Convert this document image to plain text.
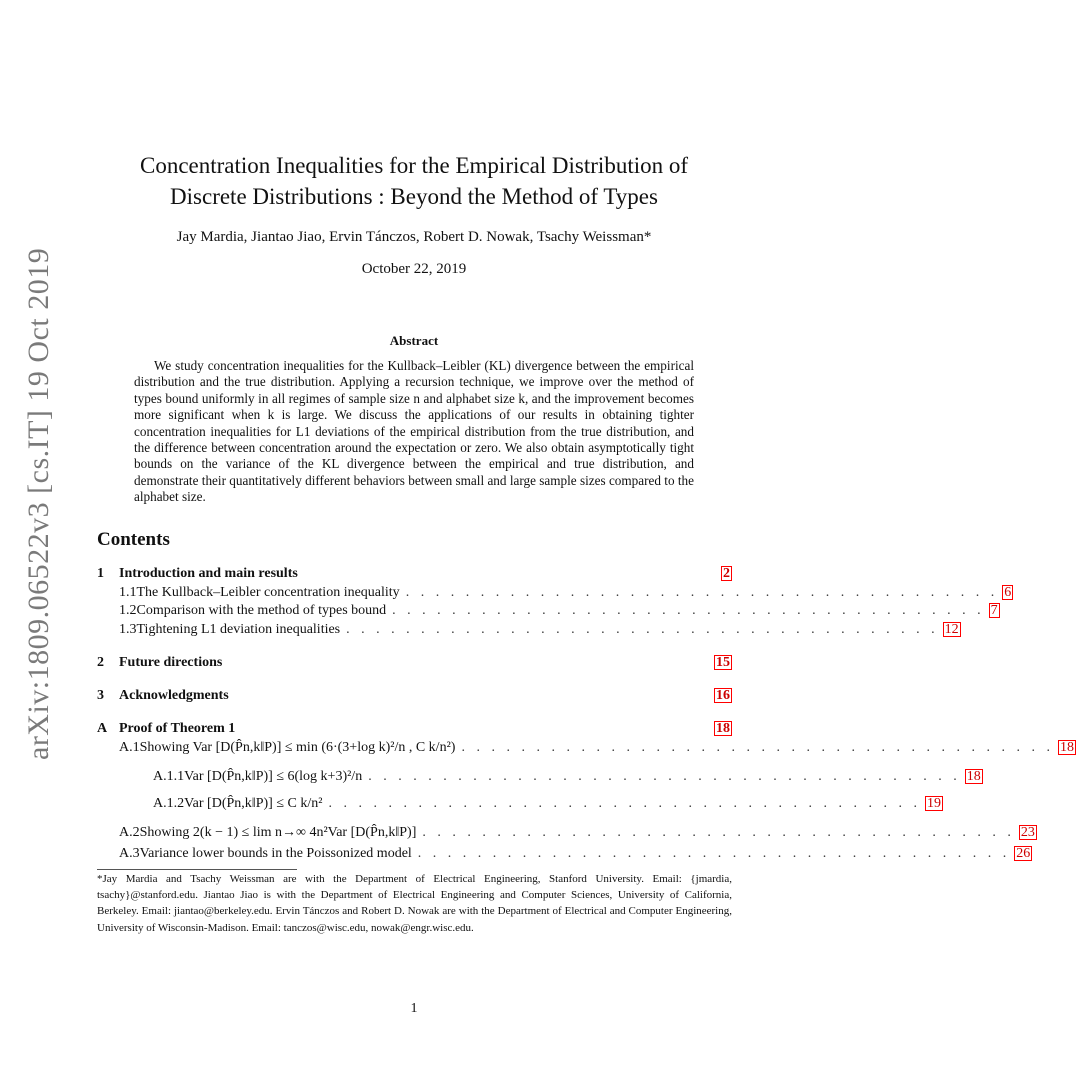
arXiv:1809.06522v3 [cs.IT] 19 Oct 2019
Concentration Inequalities for the Empirical Distribution of
Discrete Distributions : Beyond the Method of Types
Jay Mardia, Jiantao Jiao, Ervin Tánczos, Robert D. Nowak, Tsachy Weissman*
October 22, 2019
Abstract
We study concentration inequalities for the Kullback–Leibler (KL) divergence between the empirical distribution and the true distribution. Applying a recursion technique, we improve over the method of types bound uniformly in all regimes of sample size n and alphabet size k, and the improvement becomes more significant when k is large. We discuss the applications of our results in obtaining tighter concentration inequalities for L1 deviations of the empirical distribution from the true distribution, and the difference between concentration around the expectation or zero. We also obtain asymptotically tight bounds on the variance of the KL divergence between the empirical and true distribution, and demonstrate their quantitatively different behaviors between small and large sample sizes compared to the alphabet size.
Contents
1	Introduction and main results	2
1.1 The Kullback–Leibler concentration inequality . . . . . . . . . . . . . . . . . . . . . . . . . . . . . . . . . . . . . . . . 6
1.2 Comparison with the method of types bound . . . . . . . . . . . . . . . . . . . . . . . . . . . . . . . . . . . . . . . . 7
1.3 Tightening L1 deviation inequalities . . . . . . . . . . . . . . . . . . . . . . . . . . . . . . . . . . . . . . . . 12
2	Future directions	15
3	Acknowledgments	16
A Proof of Theorem 1	18
A.1 Showing Var [D(P̂n,k‖P)] ≤ min (6·(3+log k)²/n , C k/n²) . . . . . . . . . . . . . . . . . . . . . . . . . . . . . . . . . . . . . . . . 18
A.1.1 Var [D(P̂n,k‖P)] ≤ 6(log k+3)²/n . . . . . . . . . . . . . . . . . . . . . . . . . . . . . . . . . . . . . . . . 18
A.1.2 Var [D(P̂n,k‖P)] ≤ C k/n² . . . . . . . . . . . . . . . . . . . . . . . . . . . . . . . . . . . . . . . . 19
A.2 Showing 2(k − 1) ≤ lim n→∞ 4n²Var [D(P̂n,k‖P)] . . . . . . . . . . . . . . . . . . . . . . . . . . . . . . . . . . . . . . . . 23
A.3 Variance lower bounds in the Poissonized model . . . . . . . . . . . . . . . . . . . . . . . . . . . . . . . . . . . . . . . . 26
*Jay Mardia and Tsachy Weissman are with the Department of Electrical Engineering, Stanford University. Email: {jmardia, tsachy}@stanford.edu. Jiantao Jiao is with the Department of Electrical Engineering and Computer Sciences, University of California, Berkeley. Email: jiantao@berkeley.edu. Ervin Tánczos and Robert D. Nowak are with the Department of Electrical and Computer Engineering, University of Wisconsin-Madison. Email: tanczos@wisc.edu, nowak@engr.wisc.edu.
1
